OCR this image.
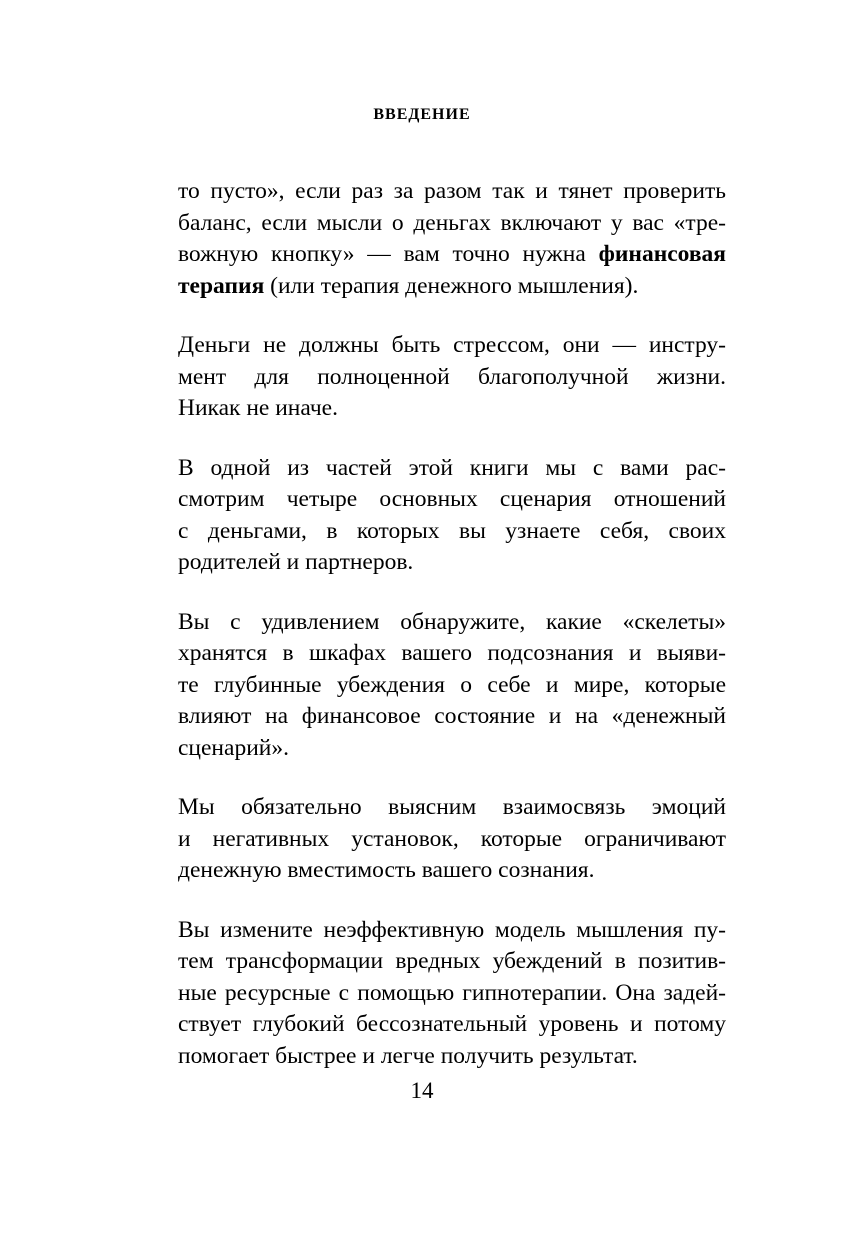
ВВЕДЕНИЕ

то пусто», если раз за разом так и тянет проверить
баланс, если мысли о деньгах включают у вас «тре-
вожную кнопку» — вам точно нужна финансовая
терапия (или терапия денежного мышления).

Деньги не должны быть стрессом, они — инстру-
мент для полноценной благополучной жизни.
Никак не иначе.

В одной из частей этой книги мы с вами рас-
смотрим четыре основных сценария отношений
с деньгами, в которых вы узнаете себя, своих
родителей и партнеров.

Вы с удивлением обнаружите, какие «скелеты»
хранятся в шкафах вашего подсознания и выяви-
те глубинные убеждения о себе и мире, которые
влияют на финансовое состояние и на «денежный
сценарий».

Мы обязательно выясним взаимосвязь эмоций
и негативных установок, которые ограничивают
денежную вместимость вашего сознания.

Вы измените неэффективную модель мышления пу-
тем трансформации вредных убеждений в позитив-
ные ресурсные с помощью гипнотерапии. Она задей-
ствует глубокий бессознательный уровень и потому
помогает быстрее и легче получить результат.

14
